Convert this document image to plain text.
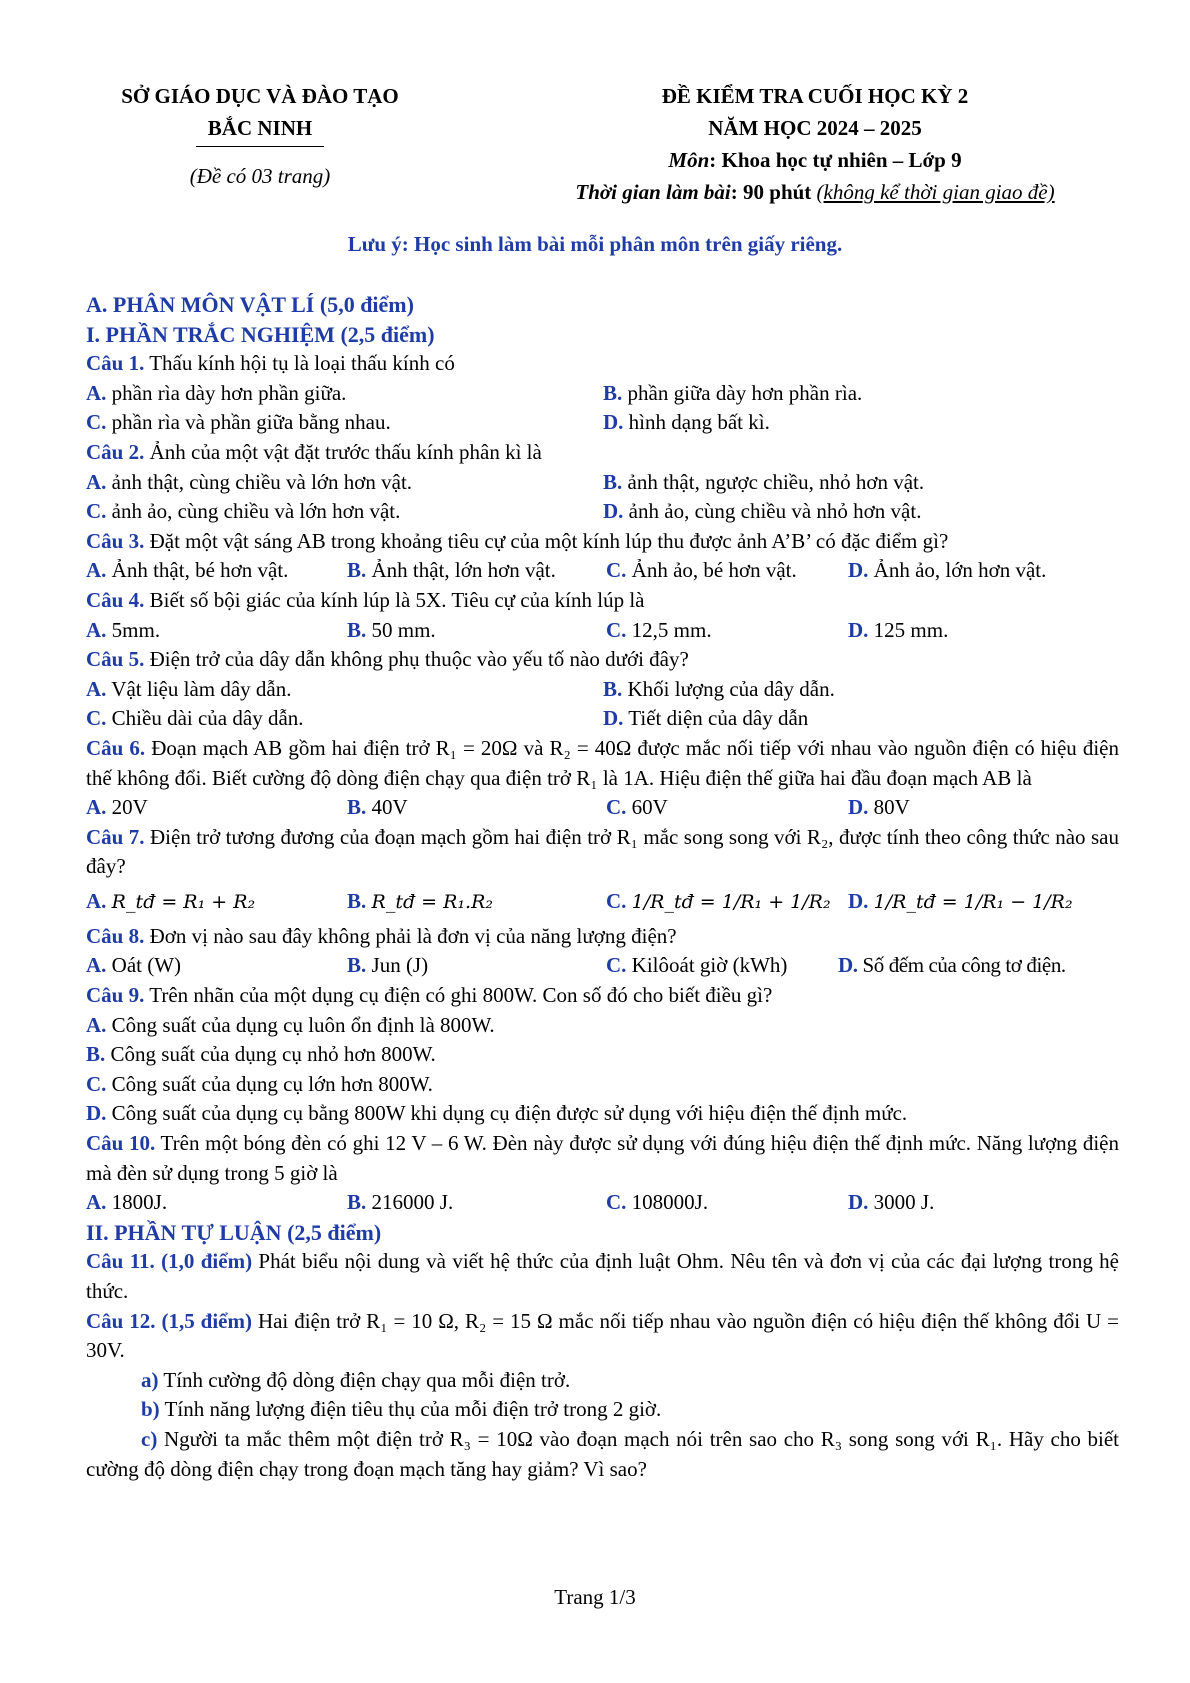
SỞ GIÁO DỤC VÀ ĐÀO TẠO
BẮC NINH
(Đề có 03 trang)
ĐỀ KIỂM TRA CUỐI HỌC KỲ 2
NĂM HỌC 2024 – 2025
Môn: Khoa học tự nhiên – Lớp 9
Thời gian làm bài: 90 phút (không kể thời gian giao đề)
Lưu ý: Học sinh làm bài mỗi phân môn trên giấy riêng.
A. PHÂN MÔN VẬT LÍ (5,0 điểm)
I. PHẦN TRẮC NGHIỆM (2,5 điểm)
Câu 1. Thấu kính hội tụ là loại thấu kính có
A. phần rìa dày hơn phần giữa.	B. phần giữa dày hơn phần rìa.
C. phần rìa và phần giữa bằng nhau.	D. hình dạng bất kì.
Câu 2. Ảnh của một vật đặt trước thấu kính phân kì là
A. ảnh thật, cùng chiều và lớn hơn vật.	B. ảnh thật, ngược chiều, nhỏ hơn vật.
C. ảnh ảo, cùng chiều và lớn hơn vật.	D. ảnh ảo, cùng chiều và nhỏ hơn vật.
Câu 3. Đặt một vật sáng AB trong khoảng tiêu cự của một kính lúp thu được ảnh A’B’ có đặc điểm gì?
A. Ảnh thật, bé hơn vật.	B. Ảnh thật, lớn hơn vật.	C. Ảnh ảo, bé hơn vật.	D. Ảnh ảo, lớn hơn vật.
Câu 4. Biết số bội giác của kính lúp là 5X. Tiêu cự của kính lúp là
A. 5mm.	B. 50 mm.	C. 12,5 mm.	D. 125 mm.
Câu 5. Điện trở của dây dẫn không phụ thuộc vào yếu tố nào dưới đây?
A. Vật liệu làm dây dẫn.	B. Khối lượng của dây dẫn.
C. Chiều dài của dây dẫn.	D. Tiết diện của dây dẫn
Câu 6. Đoạn mạch AB gồm hai điện trở R₁ = 20Ω và R₂ = 40Ω được mắc nối tiếp với nhau vào nguồn điện có hiệu điện thế không đổi. Biết cường độ dòng điện chạy qua điện trở R₁ là 1A. Hiệu điện thế giữa hai đầu đoạn mạch AB là
A. 20V	B. 40V	C. 60V	D. 80V
Câu 7. Điện trở tương đương của đoạn mạch gồm hai điện trở R₁ mắc song song với R₂, được tính theo công thức nào sau đây?
A. R_tđ = R₁ + R₂	B. R_tđ = R₁.R₂	C. 1/R_tđ = 1/R₁ + 1/R₂ D. 1/R_tđ = 1/R₁ − 1/R₂
Câu 8. Đơn vị nào sau đây không phải là đơn vị của năng lượng điện?
A. Oát (W)	B. Jun (J)	C. Kilôoát giờ (kWh)	D. Số đếm của công tơ điện.
Câu 9. Trên nhãn của một dụng cụ điện có ghi 800W. Con số đó cho biết điều gì?
A. Công suất của dụng cụ luôn ổn định là 800W.
B. Công suất của dụng cụ nhỏ hơn 800W.
C. Công suất của dụng cụ lớn hơn 800W.
D. Công suất của dụng cụ bằng 800W khi dụng cụ điện được sử dụng với hiệu điện thế định mức.
Câu 10. Trên một bóng đèn có ghi 12 V – 6 W. Đèn này được sử dụng với đúng hiệu điện thế định mức. Năng lượng điện mà đèn sử dụng trong 5 giờ là
A. 1800J.	B. 216000 J.	C. 108000J.	D. 3000 J.
II. PHẦN TỰ LUẬN (2,5 điểm)
Câu 11. (1,0 điểm) Phát biểu nội dung và viết hệ thức của định luật Ohm. Nêu tên và đơn vị của các đại lượng trong hệ thức.
Câu 12. (1,5 điểm) Hai điện trở R₁ = 10 Ω, R₂ = 15 Ω mắc nối tiếp nhau vào nguồn điện có hiệu điện thế không đổi U = 30V.
a) Tính cường độ dòng điện chạy qua mỗi điện trở.
b) Tính năng lượng điện tiêu thụ của mỗi điện trở trong 2 giờ.
c) Người ta mắc thêm một điện trở R₃ = 10Ω vào đoạn mạch nói trên sao cho R₃ song song với R₁. Hãy cho biết cường độ dòng điện chạy trong đoạn mạch tăng hay giảm? Vì sao?
Trang 1/3
